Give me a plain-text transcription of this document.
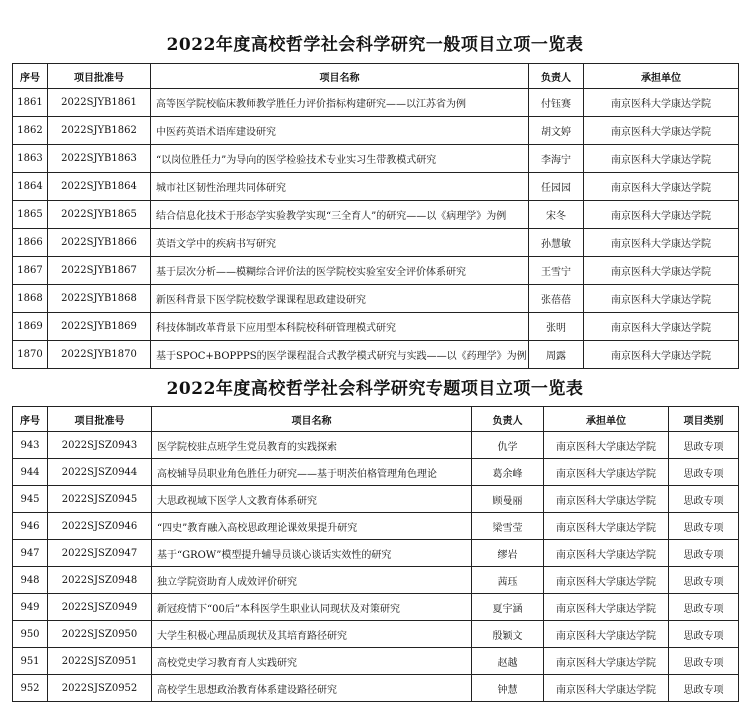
2022年度高校哲学社会科学研究一般项目立项一览表
序号	项目批准号	项目名称	负责人	承担单位
1861	2022SJYB1861	高等医学院校临床教师教学胜任力评价指标构建研究——以江苏省为例	付钰赛	南京医科大学康达学院
1862	2022SJYB1862	中医药英语术语库建设研究	胡文婷	南京医科大学康达学院
1863	2022SJYB1863	“以岗位胜任力”为导向的医学检验技术专业实习生带教模式研究	李海宁	南京医科大学康达学院
1864	2022SJYB1864	城市社区韧性治理共同体研究	任园园	南京医科大学康达学院
1865	2022SJYB1865	结合信息化技术于形态学实验教学实现“三全育人”的研究——以《病理学》为例	宋冬	南京医科大学康达学院
1866	2022SJYB1866	英语文学中的疾病书写研究	孙慧敏	南京医科大学康达学院
1867	2022SJYB1867	基于层次分析——模糊综合评价法的医学院校实验室安全评价体系研究	王雪宁	南京医科大学康达学院
1868	2022SJYB1868	新医科背景下医学院校数学课课程思政建设研究	张蓓蓓	南京医科大学康达学院
1869	2022SJYB1869	科技体制改革背景下应用型本科院校科研管理模式研究	张明	南京医科大学康达学院
1870	2022SJYB1870	基于SPOC+BOPPPS的医学课程混合式教学模式研究与实践——以《药理学》为例	周露	南京医科大学康达学院
2022年度高校哲学社会科学研究专题项目立项一览表
序号	项目批准号	项目名称	负责人	承担单位	项目类别
943	2022SJSZ0943	医学院校驻点班学生党员教育的实践探索	仇学	南京医科大学康达学院	思政专项
944	2022SJSZ0944	高校辅导员职业角色胜任力研究——基于明茨伯格管理角色理论	葛余峰	南京医科大学康达学院	思政专项
945	2022SJSZ0945	大思政视域下医学人文教育体系研究	顾曼丽	南京医科大学康达学院	思政专项
946	2022SJSZ0946	“四史”教育融入高校思政理论课效果提升研究	梁雪莹	南京医科大学康达学院	思政专项
947	2022SJSZ0947	基于“GROW”模型提升辅导员谈心谈话实效性的研究	缪岩	南京医科大学康达学院	思政专项
948	2022SJSZ0948	独立学院资助育人成效评价研究	茜珏	南京医科大学康达学院	思政专项
949	2022SJSZ0949	新冠疫情下“00后”本科医学生职业认同现状及对策研究	夏宇涵	南京医科大学康达学院	思政专项
950	2022SJSZ0950	大学生积极心理品质现状及其培育路径研究	殷颖文	南京医科大学康达学院	思政专项
951	2022SJSZ0951	高校党史学习教育育人实践研究	赵越	南京医科大学康达学院	思政专项
952	2022SJSZ0952	高校学生思想政治教育体系建设路径研究	钟慧	南京医科大学康达学院	思政专项
